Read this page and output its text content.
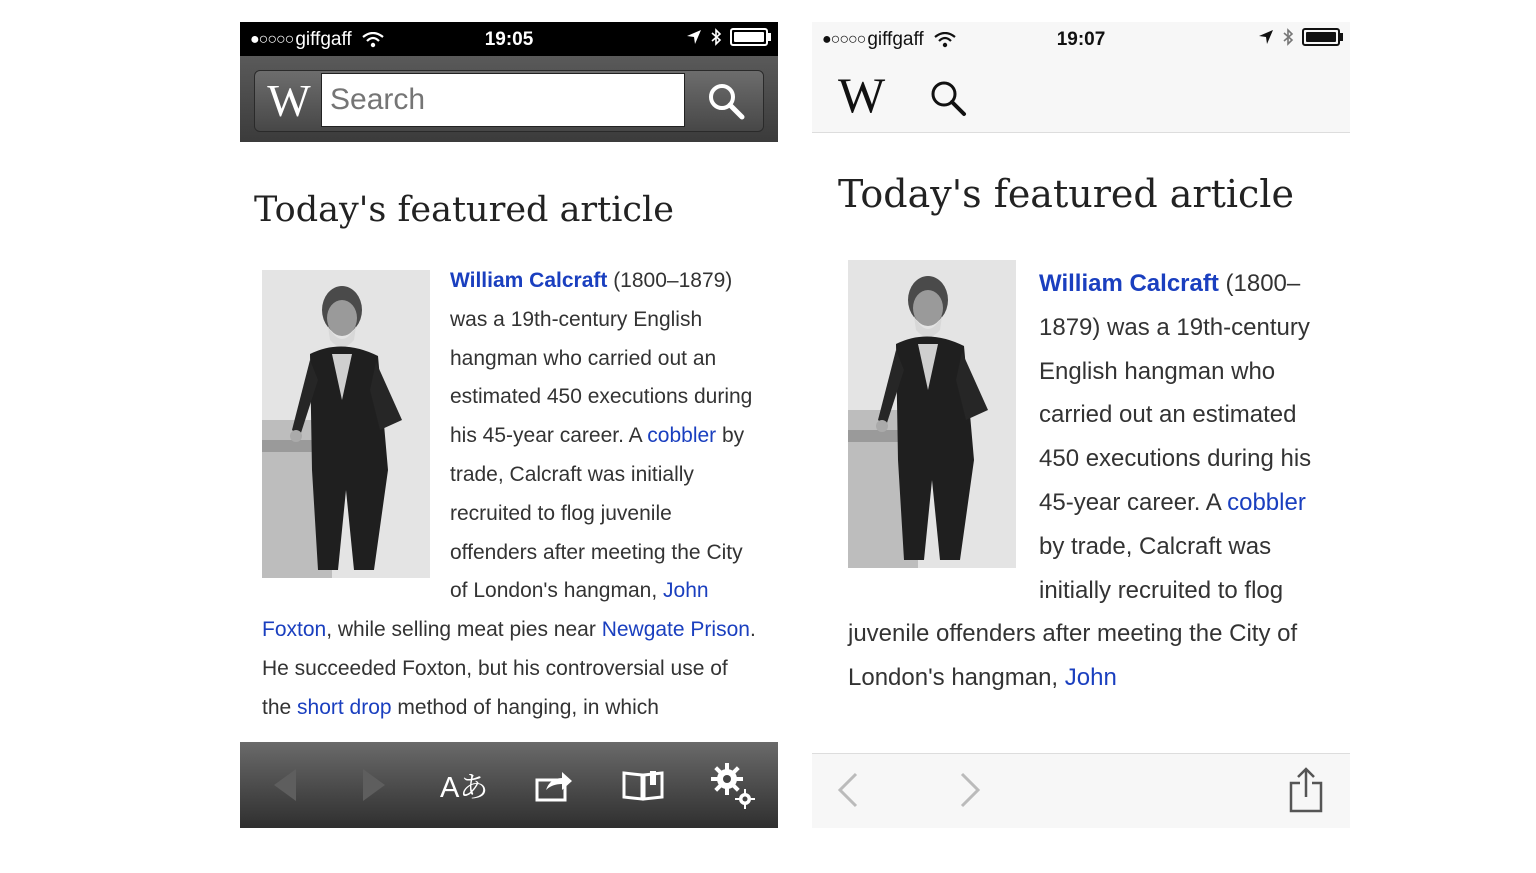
●○○○○ giffgaff	19:05
W
Search
Today's featured article
William Calcraft (1800–1879) was a 19th-century English hangman who carried out an estimated 450 executions during his 45-year career. A cobbler by trade, Calcraft was initially recruited to flog juvenile offenders after meeting the City of London's hangman, John Foxton, while selling meat pies near Newgate Prison. He succeeded Foxton, but his controversial use of the short drop method of hanging, in which
Aあ
●○○○○ giffgaff	19:07
W
Today's featured article
William Calcraft (1800–1879) was a 19th-century English hangman who carried out an estimated 450 executions during his 45-year career. A cobbler by trade, Calcraft was initially recruited to flog juvenile offenders after meeting the City of London's hangman, John
